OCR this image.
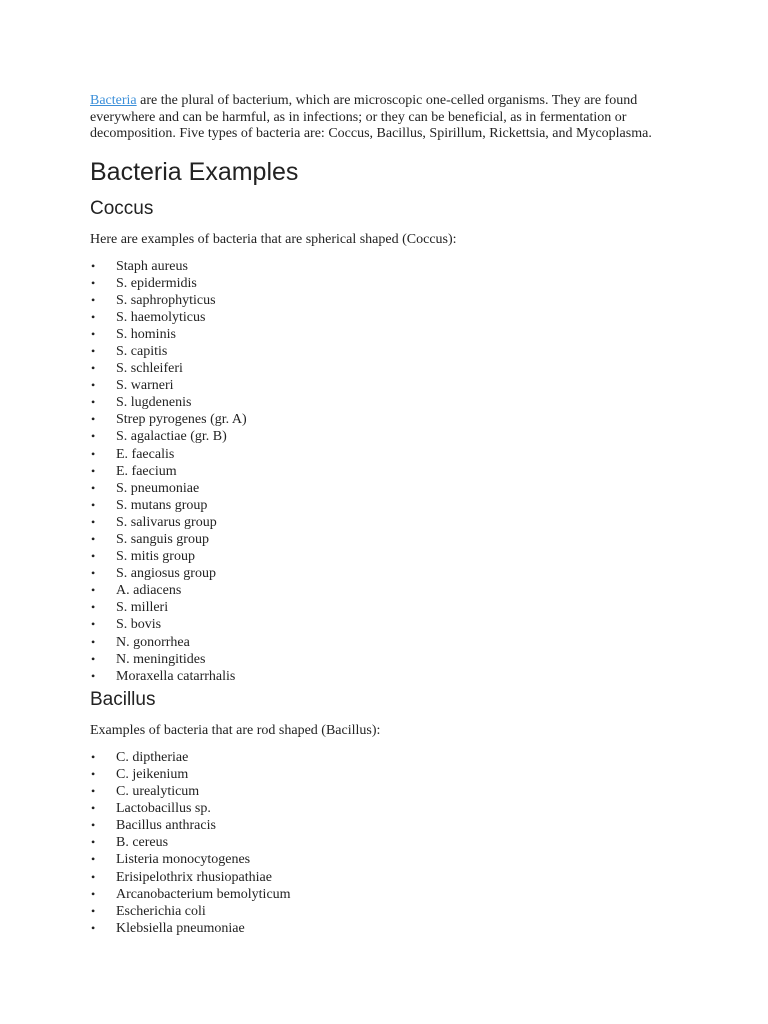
Bacteria are the plural of bacterium, which are microscopic one-celled organisms. They are found everywhere and can be harmful, as in infections; or they can be beneficial, as in fermentation or decomposition. Five types of bacteria are: Coccus, Bacillus, Spirillum, Rickettsia, and Mycoplasma.

Bacteria Examples
Coccus

Here are examples of bacteria that are spherical shaped (Coccus):

• Staph aureus
• S. epidermidis
• S. saphrophyticus
• S. haemolyticus
• S. hominis
• S. capitis
• S. schleiferi
• S. warneri
• S. lugdenenis
• Strep pyrogenes (gr. A)
• S. agalactiae (gr. B)
• E. faecalis
• E. faecium
• S. pneumoniae
• S. mutans group
• S. salivarus group
• S. sanguis group
• S. mitis group
• S. angiosus group
• A. adiacens
• S. milleri
• S. bovis
• N. gonorrhea
• N. meningitides
• Moraxella catarrhalis
Bacillus

Examples of bacteria that are rod shaped (Bacillus):

• C. diptheriae
• C. jeikenium
• C. urealyticum
• Lactobacillus sp.
• Bacillus anthracis
• B. cereus
• Listeria monocytogenes
• Erisipelothrix rhusiopathiae
• Arcanobacterium bemolyticum
• Escherichia coli
• Klebsiella pneumoniae
